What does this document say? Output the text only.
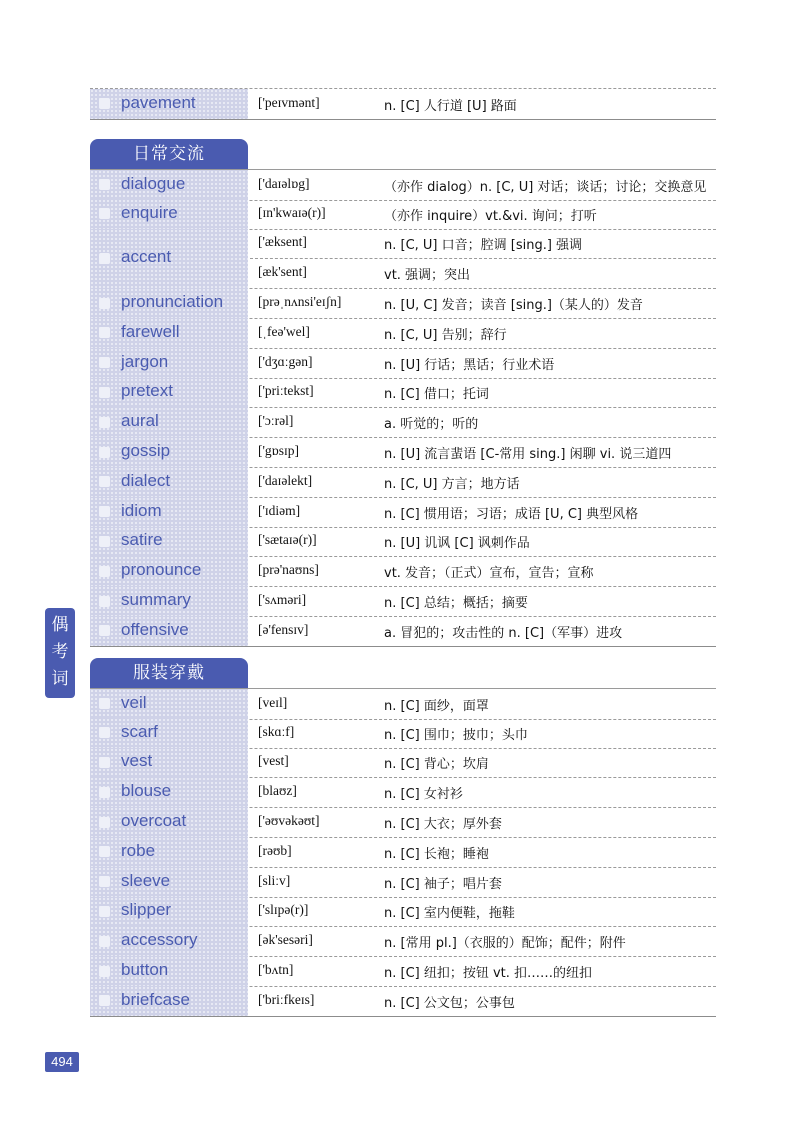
pavement	['peɪvmənt]	n. [C] 人行道 [U] 路面
日常交流
dialogue	['daɪəlɒg]	（亦作 dialog）n. [C, U] 对话；谈话；讨论；交换意见
enquire	[ɪn'kwaɪə(r)]	（亦作 inquire）vt.&vi. 询问；打听
accent
['æksent]	n. [C, U] 口音；腔调 [sing.] 强调
[æk'sent]	vt. 强调；突出
pronunciation	[prəˌnʌnsi'eɪʃn]	n. [U, C] 发音；读音 [sing.]（某人的）发音
farewell	[ˌfeə'wel]	n. [C, U] 告别；辞行
jargon	['dʒɑːgən]	n. [U] 行话；黑话；行业术语
pretext	['priːtekst]	n. [C] 借口；托词
aural	['ɔːrəl]	a. 听觉的；听的
gossip	['gɒsɪp]	n. [U] 流言蜚语 [C-常用 sing.] 闲聊 vi. 说三道四
dialect	['daɪəlekt]	n. [C, U] 方言；地方话
idiom	['ɪdiəm]	n. [C] 惯用语；习语；成语 [U, C] 典型风格
satire	['sætaɪə(r)]	n. [U] 讥讽 [C] 讽刺作品
pronounce	[prə'naʊns]	vt. 发音；（正式）宣布，宣告；宣称
summary	['sʌməri]	n. [C] 总结；概括；摘要
offensive	[ə'fensɪv]	a. 冒犯的；攻击性的 n. [C]（军事）进攻
服装穿戴
veil	[veɪl]	n. [C] 面纱，面罩
scarf	[skɑːf]	n. [C] 围巾；披巾；头巾
vest	[vest]	n. [C] 背心；坎肩
blouse	[blaʊz]	n. [C] 女衬衫
overcoat	['əʊvəkəʊt]	n. [C] 大衣；厚外套
robe	[rəʊb]	n. [C] 长袍；睡袍
sleeve	[sliːv]	n. [C] 袖子；唱片套
slipper	['slɪpə(r)]	n. [C] 室内便鞋，拖鞋
accessory	[ək'sesəri]	n. [常用 pl.]（衣服的）配饰；配件；附件
button	['bʌtn]	n. [C] 纽扣；按钮 vt. 扣……的纽扣
briefcase	['briːfkeɪs]	n. [C] 公文包；公事包
偶
考
词
494
